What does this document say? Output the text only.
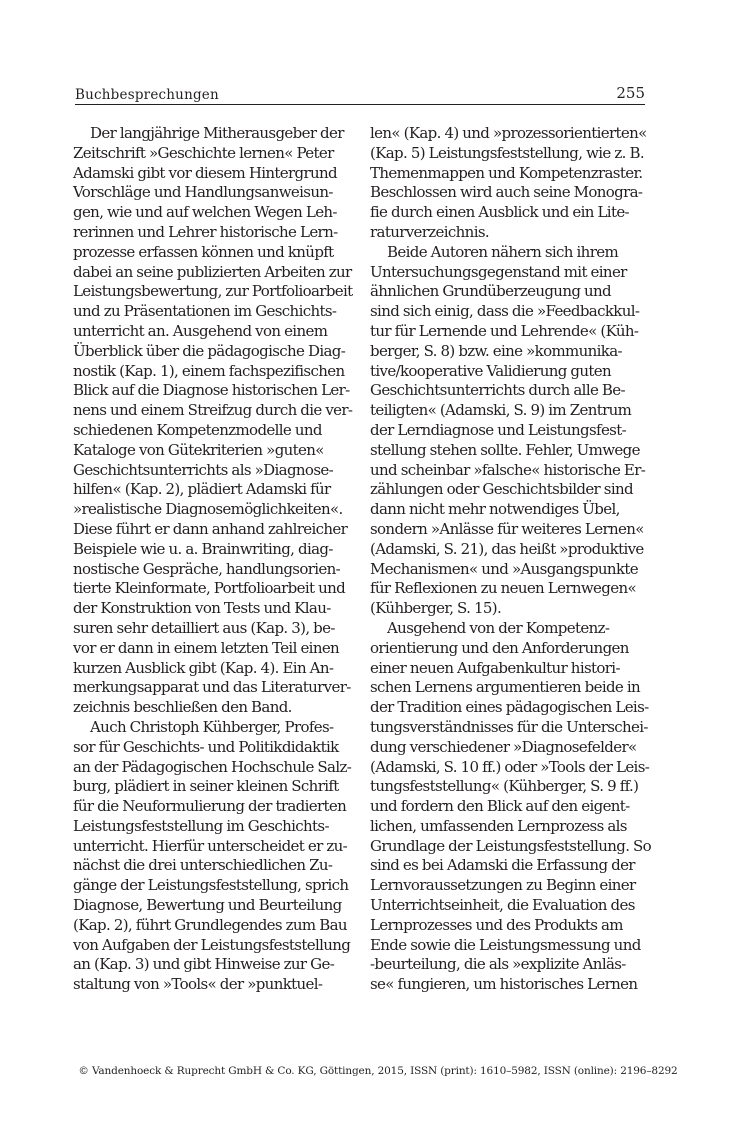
Buchbesprechungen	255
Der langjährige Mitherausgeber der
Zeitschrift »Geschichte lernen« Peter
Adamski gibt vor diesem Hintergrund
Vorschläge und Handlungsanweisun-
gen, wie und auf welchen Wegen Leh-
rerinnen und Lehrer historische Lern-
prozesse erfassen können und knüpft
dabei an seine publizierten Arbeiten zur
Leistungsbewertung, zur Portfolioarbeit
und zu Präsentationen im Geschichts-
unterricht an. Ausgehend von einem
Überblick über die pädagogische Diag-
nostik (Kap. 1), einem fachspezifischen
Blick auf die Diagnose historischen Ler-
nens und einem Streifzug durch die ver-
schiedenen Kompetenzmodelle und
Kataloge von Gütekriterien »guten«
Geschichtsunterrichts als »Diagnose-
hilfen« (Kap. 2), plädiert Adamski für
»realistische Diagnosemöglichkeiten«.
Diese führt er dann anhand zahlreicher
Beispiele wie u. a. Brainwriting, diag-
nostische Gespräche, handlungsorien-
tierte Kleinformate, Portfolioarbeit und
der Konstruktion von Tests und Klau-
suren sehr detailliert aus (Kap. 3), be-
vor er dann in einem letzten Teil einen
kurzen Ausblick gibt (Kap. 4). Ein An-
merkungsapparat und das Literaturver-
zeichnis beschließen den Band.
Auch Christoph Kühberger, Profes-
sor für Geschichts- und Politikdidaktik
an der Pädagogischen Hochschule Salz-
burg, plädiert in seiner kleinen Schrift
für die Neuformulierung der tradierten
Leistungsfeststellung im Geschichts-
unterricht. Hierfür unterscheidet er zu-
nächst die drei unterschiedlichen Zu-
gänge der Leistungsfeststellung, sprich
Diagnose, Bewertung und Beurteilung
(Kap. 2), führt Grundlegendes zum Bau
von Aufgaben der Leistungsfeststellung
an (Kap. 3) und gibt Hinweise zur Ge-
staltung von »Tools« der »punktuel-
len« (Kap. 4) und »prozessorientierten«
(Kap. 5) Leistungsfeststellung, wie z. B.
Themenmappen und Kompetenzraster.
Beschlossen wird auch seine Monogra-
fie durch einen Ausblick und ein Lite-
raturverzeichnis.
Beide Autoren nähern sich ihrem
Untersuchungsgegenstand mit einer
ähnlichen Grundüberzeugung und
sind sich einig, dass die »Feedbackkul-
tur für Lernende und Lehrende« (Küh-
berger, S. 8) bzw. eine »kommunika-
tive/kooperative Validierung guten
Geschichtsunterrichts durch alle Be-
teiligten« (Adamski, S. 9) im Zentrum
der Lerndiagnose und Leistungsfest-
stellung stehen sollte. Fehler, Umwege
und scheinbar »falsche« historische Er-
zählungen oder Geschichtsbilder sind
dann nicht mehr notwendiges Übel,
sondern »Anlässe für weiteres Lernen«
(Adamski, S. 21), das heißt »produktive
Mechanismen« und »Ausgangspunkte
für Reflexionen zu neuen Lernwegen«
(Kühberger, S. 15).
Ausgehend von der Kompetenz-
orientierung und den Anforderungen
einer neuen Aufgabenkultur histori-
schen Lernens argumentieren beide in
der Tradition eines pädagogischen Leis-
tungsverständnisses für die Unterschei-
dung verschiedener »Diagnosefelder«
(Adamski, S. 10 ff.) oder »Tools der Leis-
tungsfeststellung« (Kühberger, S. 9 ff.)
und fordern den Blick auf den eigent-
lichen, umfassenden Lernprozess als
Grundlage der Leistungsfeststellung. So
sind es bei Adamski die Erfassung der
Lernvoraussetzungen zu Beginn einer
Unterrichtseinheit, die Evaluation des
Lernprozesses und des Produkts am
Ende sowie die Leistungsmessung und
-beurteilung, die als »explizite Anläs-
se« fungieren, um historisches Lernen
© Vandenhoeck & Ruprecht GmbH & Co. KG, Göttingen, 2015, ISSN (print): 1610–5982, ISSN (online): 2196–8292
